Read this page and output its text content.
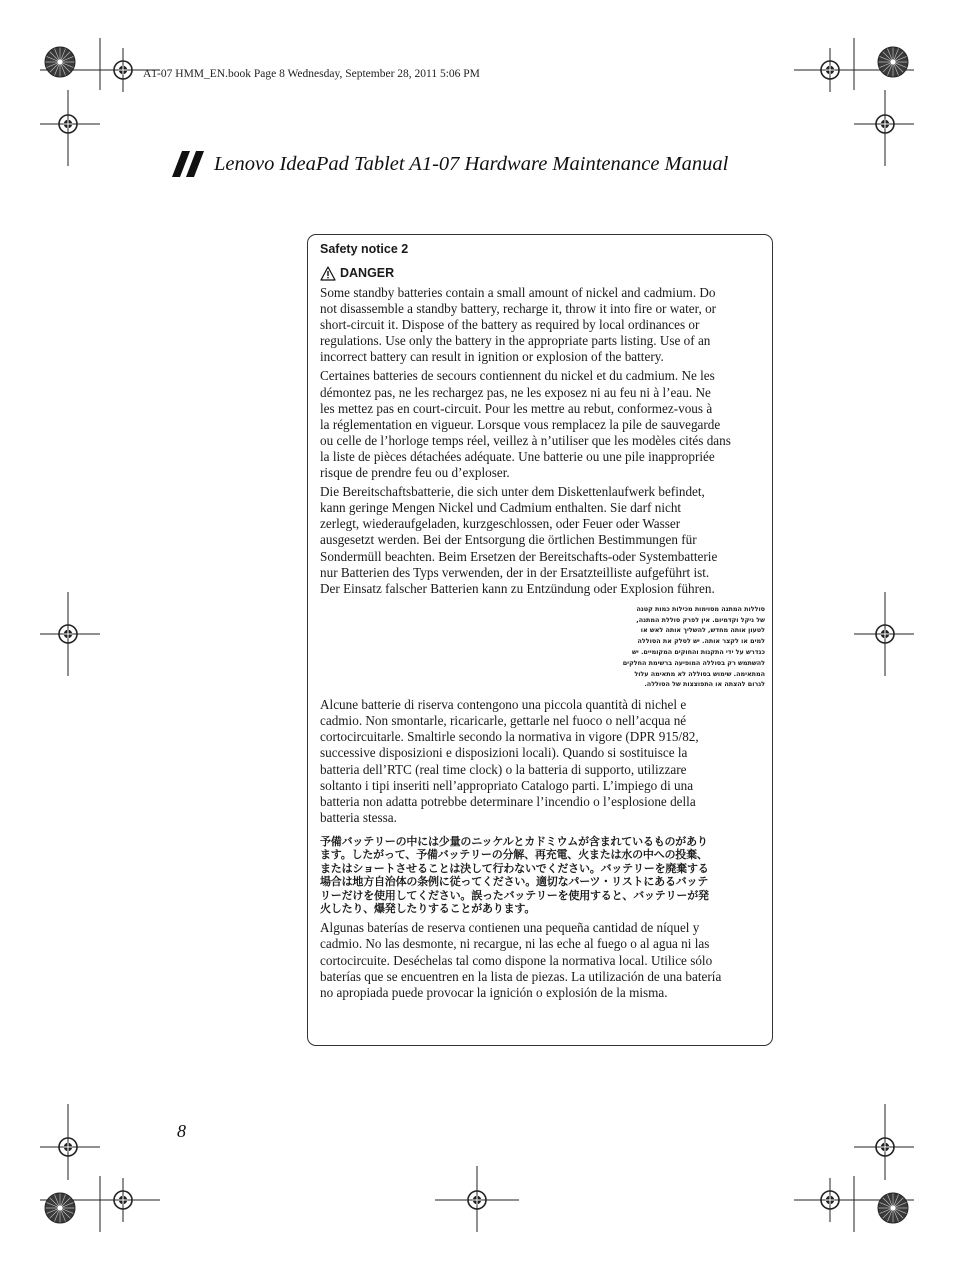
A1-07 HMM_EN.book Page 8 Wednesday, September 28, 2011 5:06 PM
Lenovo IdeaPad Tablet A1-07 Hardware Maintenance Manual
Safety notice 2
DANGER

Some standby batteries contain a small amount of nickel and cadmium. Do
not disassemble a standby battery, recharge it, throw it into fire or water, or
short-circuit it. Dispose of the battery as required by local ordinances or
regulations. Use only the battery in the appropriate parts listing. Use of an
incorrect battery can result in ignition or explosion of the battery.

Certaines batteries de secours contiennent du nickel et du cadmium. Ne les
démontez pas, ne les rechargez pas, ne les exposez ni au feu ni à l’eau. Ne
les mettez pas en court-circuit. Pour les mettre au rebut, conformez-vous à
la réglementation en vigueur. Lorsque vous remplacez la pile de sauvegarde
ou celle de l’horloge temps réel, veillez à n’utiliser que les modèles cités dans
la liste de pièces détachées adéquate. Une batterie ou une pile inappropriée
risque de prendre feu ou d’exploser.

Die Bereitschaftsbatterie, die sich unter dem Diskettenlaufwerk befindet,
kann geringe Mengen Nickel und Cadmium enthalten. Sie darf nicht
zerlegt, wiederaufgeladen, kurzgeschlossen, oder Feuer oder Wasser
ausgesetzt werden. Bei der Entsorgung die örtlichen Bestimmungen für
Sondermüll beachten. Beim Ersetzen der Bereitschafts-oder Systembatterie
nur Batterien des Typs verwenden, der in der Ersatzteilliste aufgeführt ist.
Der Einsatz falscher Batterien kann zu Entzündung oder Explosion führen.

סוללות המתנה מסוימות מכילות כמות קטנה
של ניקל וקדמיום. אין לפרק סוללת המתנה,
לטעון אותה מחדש, להשליך אותה לאש או
למים או לקצר אותה. יש לסלק את הסוללה
כנדרש על ידי התקנות והחוקים המקומיים. יש
להשתמש רק בסוללה המופיעה ברשימת החלקים
המתאימה. שימוש בסוללה לא מתאימה עלול
לגרום להצתה או התפוצצות של הסוללה.

Alcune batterie di riserva contengono una piccola quantità di nichel e
cadmio. Non smontarle, ricaricarle, gettarle nel fuoco o nell’acqua né
cortocircuitarle. Smaltirle secondo la normativa in vigore (DPR 915/82,
successive disposizioni e disposizioni locali). Quando si sostituisce la
batteria dell’RTC (real time clock) o la batteria di supporto, utilizzare
soltanto i tipi inseriti nell’appropriato Catalogo parti. L’impiego di una
batteria non adatta potrebbe determinare l’incendio o l’esplosione della
batteria stessa.

予備バッテリーの中には少量のニッケルとカドミウムが含まれているものがあり
ます。したがって、予備バッテリーの分解、再充電、火または水の中への投棄、
またはショートさせることは決して行わないでください。バッテリーを廃棄する
場合は地方自治体の条例に従ってください。適切なパーツ・リストにあるバッテ
リーだけを使用してください。誤ったバッテリーを使用すると、バッテリーが発
火したり、爆発したりすることがあります。

Algunas baterías de reserva contienen una pequeña cantidad de níquel y
cadmio. No las desmonte, ni recargue, ni las eche al fuego o al agua ni las
cortocircuite. Deséchelas tal como dispone la normativa local. Utilice sólo
baterías que se encuentren en la lista de piezas. La utilización de una batería
no apropiada puede provocar la ignición o explosión de la misma.

8
